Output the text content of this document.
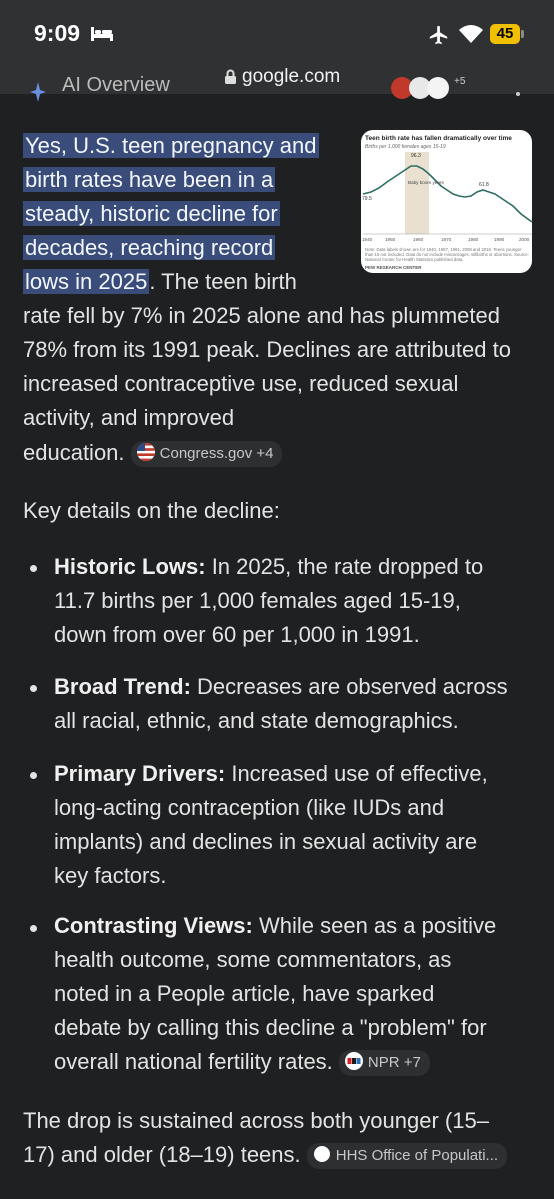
9:09	45
google.com
AI Overview	+5
Teen birth rate has fallen dramatically over time
Births per 1,000 females ages 15-19
96.3
61.8
79.5
Baby boom years
1940	1950	1960	1970	1980	1990	2000
Note: Data labels shown are for 1940, 1957, 1991, 2008 and 2018. Teens younger than 15 not included. Data do not include miscarriages, stillbirths or abortions. Source: National Center for Health Statistics published data.
PEW RESEARCH CENTER
Yes, U.S. teen pregnancy and
birth rates have been in a
steady, historic decline for
decades, reaching record
lows in 2025. The teen birth
rate fell by 7% in 2025 alone and has plummeted
78% from its 1991 peak. Declines are attributed to
increased contraceptive use, reduced sexual
activity, and improved
education. Congress.gov +4
Key details on the decline:
Historic Lows: In 2025, the rate dropped to
11.7 births per 1,000 females aged 15-19,
down from over 60 per 1,000 in 1991.
Broad Trend: Decreases are observed across
all racial, ethnic, and state demographics.
Primary Drivers: Increased use of effective,
long-acting contraception (like IUDs and
implants) and declines in sexual activity are
key factors.
Contrasting Views: While seen as a positive
health outcome, some commentators, as
noted in a People article, have sparked
debate by calling this decline a "problem" for
overall national fertility rates. NPR +7
The drop is sustained across both younger (15–
17) and older (18–19) teens. HHS Office of Populati...
